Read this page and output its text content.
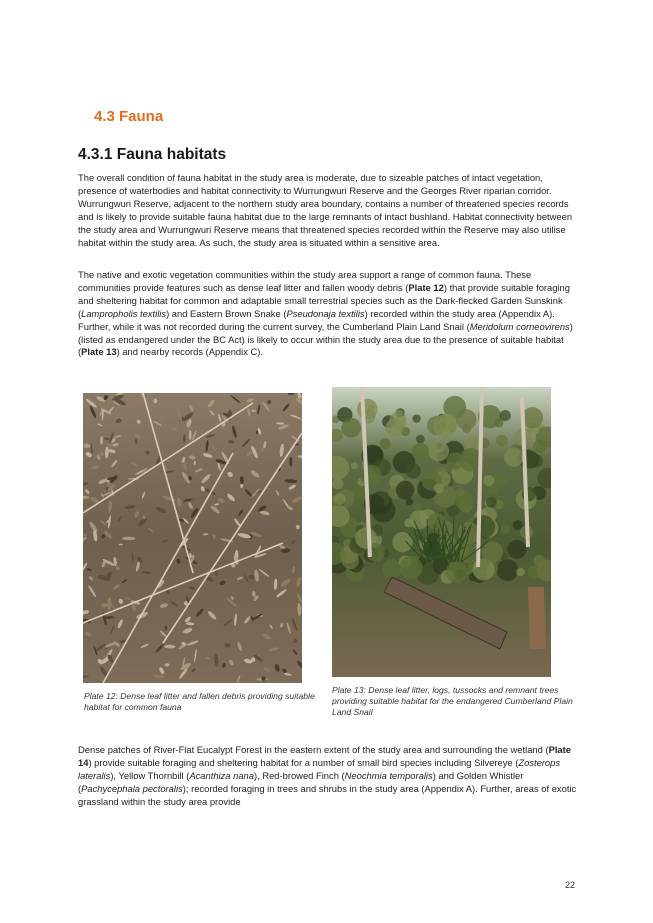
4.3 Fauna
4.3.1 Fauna habitats

The overall condition of fauna habitat in the study area is moderate, due to sizeable patches of intact vegetation, presence of waterbodies and habitat connectivity to Wurrungwuri Reserve and the Georges River riparian corridor. Wurrungwuri Reserve, adjacent to the northern study area boundary, contains a number of threatened species records and is likely to provide suitable fauna habitat due to the large remnants of intact bushland. Habitat connectivity between the study area and Wurrungwuri Reserve means that threatened species recorded within the Reserve may also utilise habitat within the study area. As such, the study area is situated within a sensitive area.

The native and exotic vegetation communities within the study area support a range of common fauna. These communities provide features such as dense leaf litter and fallen woody debris (Plate 12) that provide suitable foraging and sheltering habitat for common and adaptable small terrestrial species such as the Dark-flecked Garden Sunskink (Lampropholis textilis) and Eastern Brown Snake (Pseudonaja textilis) recorded within the study area (Appendix A). Further, while it was not recorded during the current survey, the Cumberland Plain Land Snail (Meridolum corneovirens) (listed as endangered under the BC Act) is likely to occur within the study area due to the presence of suitable habitat (Plate 13) and nearby records (Appendix C).

Plate 12: Dense leaf litter and fallen debris providing suitable habitat for common fauna

Plate 13: Dense leaf litter, logs, tussocks and remnant trees providing suitable habitat for the endangered Cumberland Plain Land Snail

Dense patches of River-Flat Eucalypt Forest in the eastern extent of the study area and surrounding the wetland (Plate 14) provide suitable foraging and sheltering habitat for a number of small bird species including Silvereye (Zosterops lateralis), Yellow Thornbill (Acanthiza nana), Red-browed Finch (Neochmia temporalis) and Golden Whistler (Pachycephala pectoralis); recorded foraging in trees and shrubs in the study area (Appendix A). Further, areas of exotic grassland within the study area provide

22
